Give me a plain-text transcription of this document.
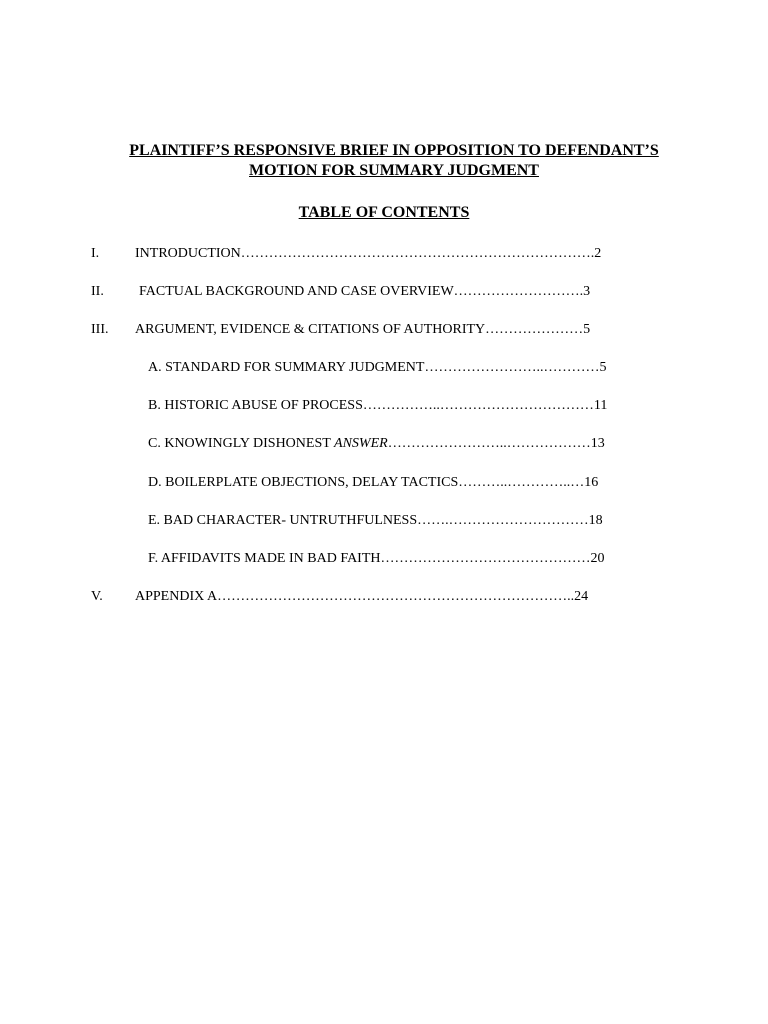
PLAINTIFF’S RESPONSIVE BRIEF IN OPPOSITION TO DEFENDANT’S
MOTION FOR SUMMARY JUDGMENT
TABLE OF CONTENTS
I.	INTRODUCTION………………………………………………………………….2
II.	FACTUAL BACKGROUND AND CASE OVERVIEW……………………….3
III. ARGUMENT, EVIDENCE & CITATIONS OF AUTHORITY…………………5
A. STANDARD FOR SUMMARY JUDGMENT……………………..…………5
B. HISTORIC ABUSE OF PROCESS……………..……………………………11
C. KNOWINGLY DISHONEST ANSWER……………………..………………13
D. BOILERPLATE OBJECTIONS, DELAY TACTICS………..…………..…16
E. BAD CHARACTER- UNTRUTHFULNESS…….…………………………18
F. AFFIDAVITS MADE IN BAD FAITH………………………………………20
V. APPENDIX A…………………………………………………………………..24
